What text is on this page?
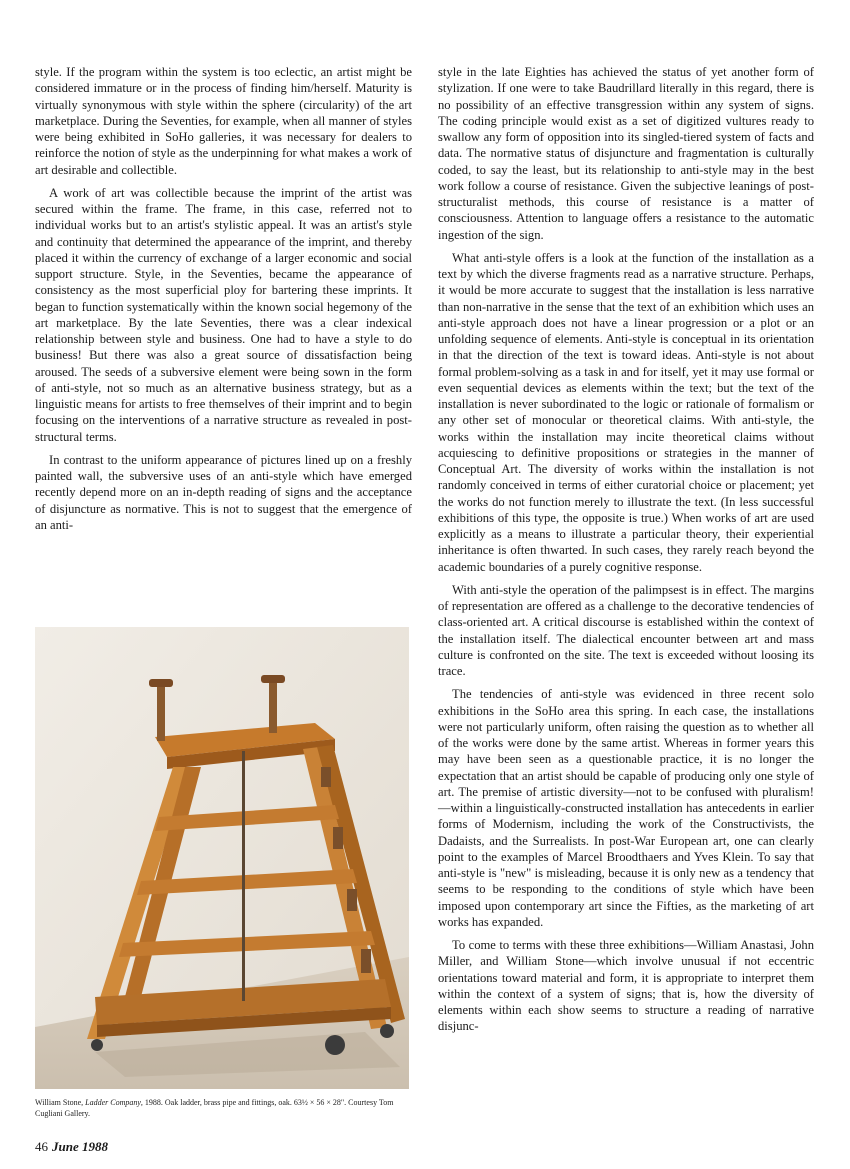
style. If the program within the system is too eclectic, an artist might be considered immature or in the process of finding him/herself. Maturity is virtually synonymous with style within the sphere (circularity) of the art marketplace. During the Seventies, for example, when all manner of styles were being exhibited in SoHo galleries, it was necessary for dealers to reinforce the notion of style as the underpinning for what makes a work of art desirable and collectible.

A work of art was collectible because the imprint of the artist was secured within the frame. The frame, in this case, referred not to individual works but to an artist's stylistic appeal. It was an artist's style and continuity that determined the appearance of the imprint, and thereby placed it within the currency of exchange of a larger economic and social support structure. Style, in the Seventies, became the appearance of consistency as the most superficial ploy for bartering these imprints. It began to function systematically within the known social hegemony of the art marketplace. By the late Seventies, there was a clear indexical relationship between style and business. One had to have a style to do business! But there was also a great source of dissatisfaction being aroused. The seeds of a subversive element were being sown in the form of anti-style, not so much as an alternative business strategy, but as a linguistic means for artists to free themselves of their imprint and to begin focusing on the interventions of a narrative structure as revealed in post-structural terms.

In contrast to the uniform appearance of pictures lined up on a freshly painted wall, the subversive uses of an anti-style which have emerged recently depend more on an in-depth reading of signs and the acceptance of disjuncture as normative. This is not to suggest that the emergence of an anti-

William Stone, Ladder Company, 1988. Oak ladder, brass pipe and fittings, oak. 63½ × 56 × 28". Courtesy Tom Cugliani Gallery.

style in the late Eighties has achieved the status of yet another form of stylization. If one were to take Baudrillard literally in this regard, there is no possibility of an effective transgression within any system of signs. The coding principle would exist as a set of digitized vultures ready to swallow any form of opposition into its singled-tiered system of facts and data. The normative status of disjuncture and fragmentation is culturally coded, to say the least, but its relationship to anti-style may in the best work follow a course of resistance. Given the subjective leanings of post-structuralist methods, this course of resistance is a matter of consciousness. Attention to language offers a resistance to the automatic ingestion of the sign.

What anti-style offers is a look at the function of the installation as a text by which the diverse fragments read as a narrative structure. Perhaps, it would be more accurate to suggest that the installation is less narrative than non-narrative in the sense that the text of an exhibition which uses an anti-style approach does not have a linear progression or a plot or an unfolding sequence of elements. Anti-style is conceptual in its orientation in that the direction of the text is toward ideas. Anti-style is not about formal problem-solving as a task in and for itself, yet it may use formal or even sequential devices as elements within the text; but the text of the installation is never subordinated to the logic or rationale of formalism or any other set of monocular or theoretical claims. With anti-style, the works within the installation may incite theoretical claims without acquiescing to definitive propositions or strategies in the manner of Conceptual Art. The diversity of works within the installation is not randomly conceived in terms of either curatorial choice or placement; yet the works do not function merely to illustrate the text. (In less successful exhibitions of this type, the opposite is true.) When works of art are used explicitly as a means to illustrate a particular theory, their experiential inheritance is often thwarted. In such cases, they rarely reach beyond the academic boundaries of a purely cognitive response.

With anti-style the operation of the palimpsest is in effect. The margins of representation are offered as a challenge to the decorative tendencies of class-oriented art. A critical discourse is established within the context of the installation itself. The dialectical encounter between art and mass culture is confronted on the site. The text is exceeded without loosing its trace.

The tendencies of anti-style was evidenced in three recent solo exhibitions in the SoHo area this spring. In each case, the installations were not particularly uniform, often raising the question as to whether all of the works were done by the same artist. Whereas in former years this may have been seen as a questionable practice, it is no longer the expectation that an artist should be capable of producing only one style of art. The premise of artistic diversity—not to be confused with pluralism!—within a linguistically-constructed installation has antecedents in earlier forms of Modernism, including the work of the Constructivists, the Dadaists, and the Surrealists. In post-War European art, one can clearly point to the examples of Marcel Broodthaers and Yves Klein. To say that anti-style is "new" is misleading, because it is only new as a tendency that seems to be responding to the conditions of style which have been imposed upon contemporary art since the Fifties, as the marketing of art works has expanded.

To come to terms with these three exhibitions—William Anastasi, John Miller, and William Stone—which involve unusual if not eccentric orientations toward material and form, it is appropriate to interpret them within the context of a system of signs; that is, how the diversity of elements within each show seems to structure a reading of narrative disjunc-

46 June 1988
